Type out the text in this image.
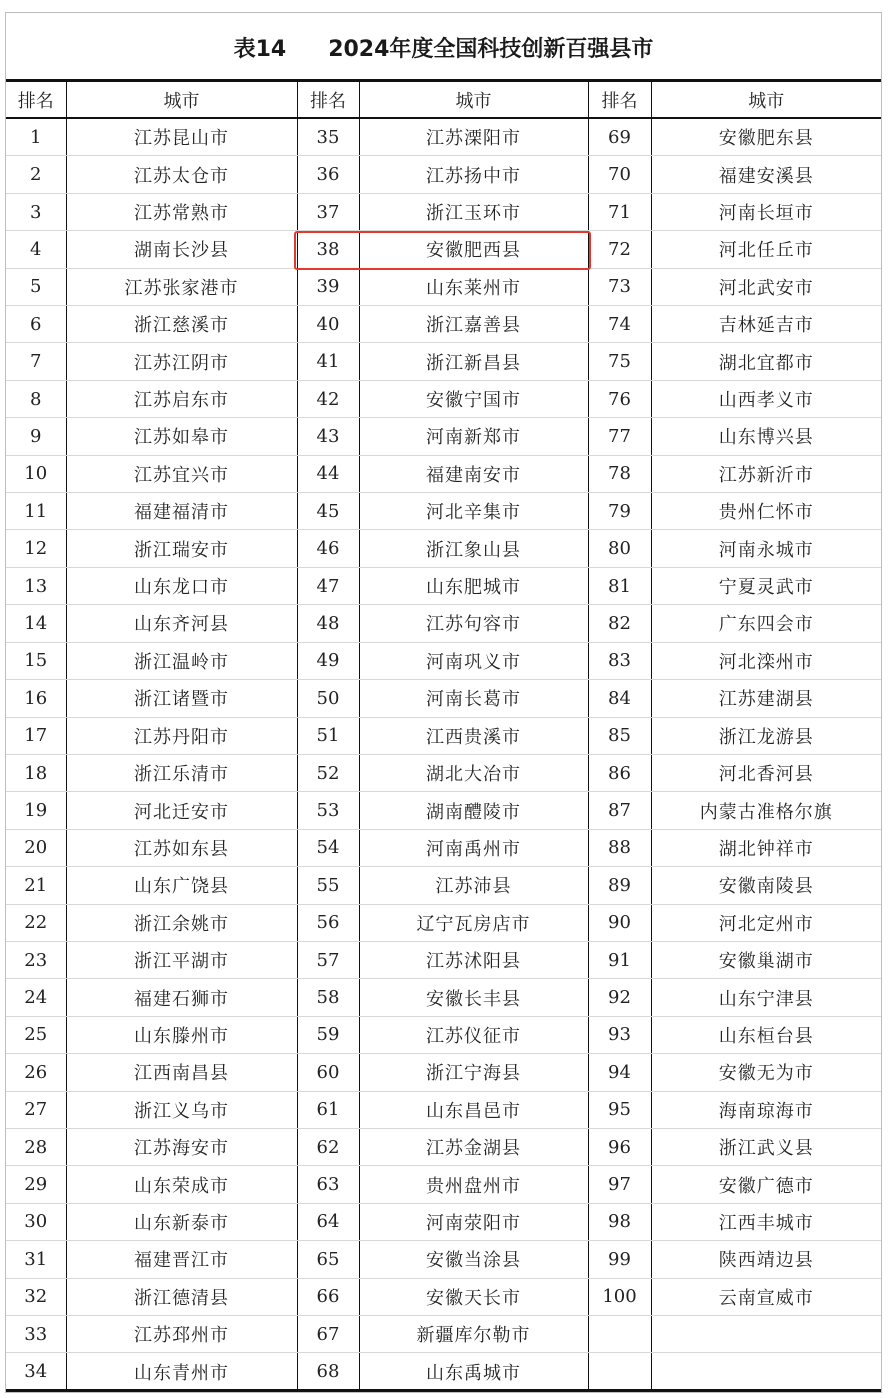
表14 2024年度全国科技创新百强县市
排名	城市	排名	城市	排名	城市
1	江苏昆山市	35	江苏溧阳市	69	安徽肥东县
2	江苏太仓市	36	江苏扬中市	70	福建安溪县
3	江苏常熟市	37	浙江玉环市	71	河南长垣市
4	湖南长沙县	38	安徽肥西县	72	河北任丘市
5	江苏张家港市	39	山东莱州市	73	河北武安市
6	浙江慈溪市	40	浙江嘉善县	74	吉林延吉市
7	江苏江阴市	41	浙江新昌县	75	湖北宜都市
8	江苏启东市	42	安徽宁国市	76	山西孝义市
9	江苏如皋市	43	河南新郑市	77	山东博兴县
10	江苏宜兴市	44	福建南安市	78	江苏新沂市
11	福建福清市	45	河北辛集市	79	贵州仁怀市
12	浙江瑞安市	46	浙江象山县	80	河南永城市
13	山东龙口市	47	山东肥城市	81	宁夏灵武市
14	山东齐河县	48	江苏句容市	82	广东四会市
15	浙江温岭市	49	河南巩义市	83	河北滦州市
16	浙江诸暨市	50	河南长葛市	84	江苏建湖县
17	江苏丹阳市	51	江西贵溪市	85	浙江龙游县
18	浙江乐清市	52	湖北大冶市	86	河北香河县
19	河北迁安市	53	湖南醴陵市	87	内蒙古准格尔旗
20	江苏如东县	54	河南禹州市	88	湖北钟祥市
21	山东广饶县	55	江苏沛县	89	安徽南陵县
22	浙江余姚市	56	辽宁瓦房店市	90	河北定州市
23	浙江平湖市	57	江苏沭阳县	91	安徽巢湖市
24	福建石狮市	58	安徽长丰县	92	山东宁津县
25	山东滕州市	59	江苏仪征市	93	山东桓台县
26	江西南昌县	60	浙江宁海县	94	安徽无为市
27	浙江义乌市	61	山东昌邑市	95	海南琼海市
28	江苏海安市	62	江苏金湖县	96	浙江武义县
29	山东荣成市	63	贵州盘州市	97	安徽广德市
30	山东新泰市	64	河南荥阳市	98	江西丰城市
31	福建晋江市	65	安徽当涂县	99	陕西靖边县
32	浙江德清县	66	安徽天长市	100	云南宣威市
33	江苏邳州市	67	新疆库尔勒市		
34	山东青州市	68	山东禹城市		
